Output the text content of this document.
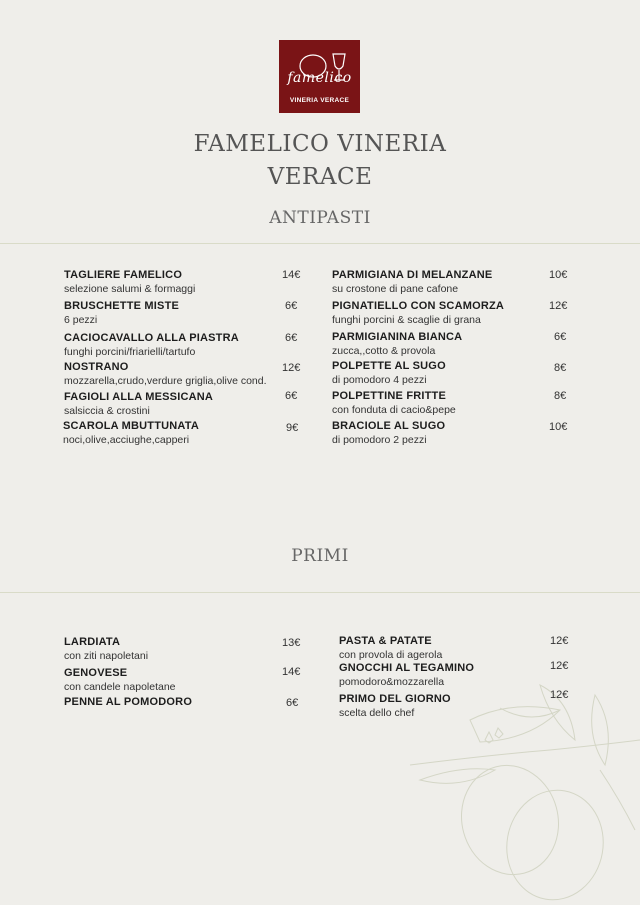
famelico
VINERIA VERACE
FAMELICO VINERIA
VERACE
ANTIPASTI
TAGLIERE FAMELICO
selezione salumi & formaggi
14€
BRUSCHETTE MISTE
6 pezzi
6€
CACIOCAVALLO ALLA PIASTRA
funghi porcini/friarielli/tartufo
6€
NOSTRANO
mozzarella,crudo,verdure griglia,olive cond.
12€
FAGIOLI ALLA MESSICANA
salsiccia & crostini
6€
SCAROLA MBUTTUNATA
noci,olive,acciughe,capperi
9€
PARMIGIANA DI MELANZANE
su crostone di pane cafone
10€
PIGNATIELLO CON SCAMORZA
funghi porcini & scaglie di grana
12€
PARMIGIANINA BIANCA
zucca,,cotto & provola
6€
POLPETTE AL SUGO
di pomodoro 4 pezzi
8€
POLPETTINE FRITTE
con fonduta di cacio&pepe
8€
BRACIOLE AL SUGO
di pomodoro 2 pezzi
10€
PRIMI
LARDIATA
con ziti napoletani
13€
GENOVESE
con candele napoletane
14€
PENNE AL POMODORO	6€
PASTA & PATATE
con provola di agerola
12€
GNOCCHI AL TEGAMINO
pomodoro&mozzarella
12€
PRIMO DEL GIORNO
scelta dello chef
12€
